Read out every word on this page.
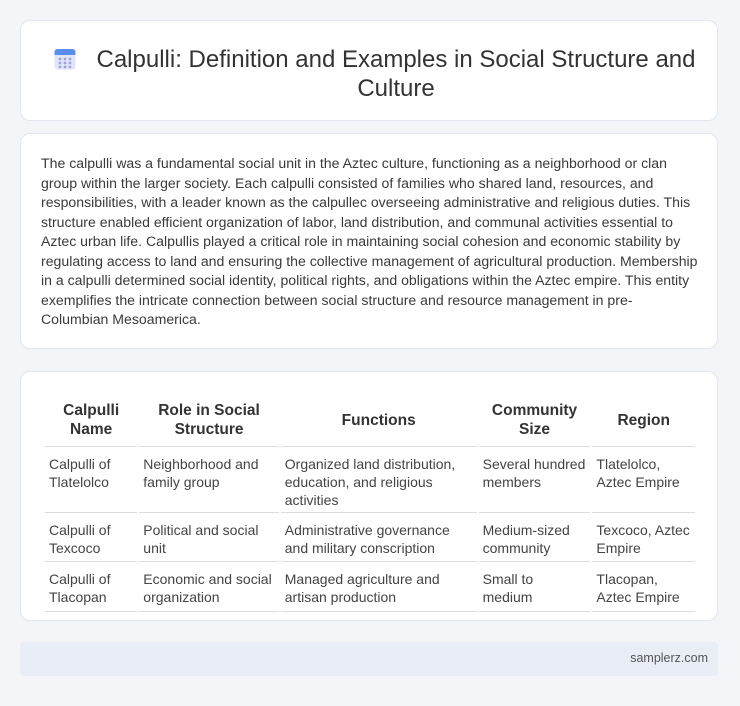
Calpulli: Definition and Examples in Social Structure and Culture

The calpulli was a fundamental social unit in the Aztec culture, functioning as a neighborhood or clan group within the larger society. Each calpulli consisted of families who shared land, resources, and responsibilities, with a leader known as the calpullec overseeing administrative and religious duties. This structure enabled efficient organization of labor, land distribution, and communal activities essential to Aztec urban life. Calpullis played a critical role in maintaining social cohesion and economic stability by regulating access to land and ensuring the collective management of agricultural production. Membership in a calpulli determined social identity, political rights, and obligations within the Aztec empire. This entity exemplifies the intricate connection between social structure and resource management in pre-Columbian Mesoamerica.

Calpulli Name	Role in Social Structure	Functions	Community Size	Region
Calpulli of Tlatelolco	Neighborhood and family group	Organized land distribution, education, and religious activities	Several hundred members	Tlatelolco, Aztec Empire
Calpulli of Texcoco	Political and social unit	Administrative governance and military conscription	Medium-sized community	Texcoco, Aztec Empire
Calpulli of Tlacopan	Economic and social organization	Managed agriculture and artisan production	Small to medium	Tlacopan, Aztec Empire
samplerz.com
